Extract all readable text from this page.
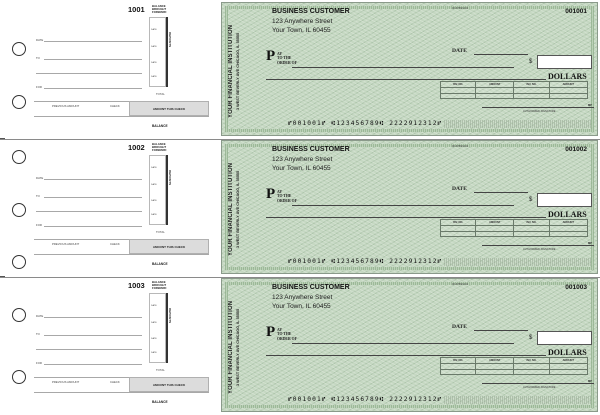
1001	BALANCE BROUGHT FORWARD
DATE
TO
FOR
DATE
DATE
DATE
DATE
DEPOSITS
TOTAL
PREVIOUS AMOUNT	CHECK
AMOUNT THIS CHECK
BALANCE
YOUR FINANCIAL INSTITUTION 3 WEST BEVERLY AVE CHICAGO, IL 55555
BUSINESS CUSTOMER
123 Anywhere Street
Your Town, IL 60455
00-6789/1234	001001
DATE
P AY
TO THE
ORDER OF	$
DOLLARS
INV. NO.	AMOUNT	INV. NO.	AMOUNT

MP
AUTHORIZED SIGNATURE
⑈001001⑈ ⑆123456789⑆ 2222912312⑈
1002	BALANCE BROUGHT FORWARD
DATE
TO
FOR
DATE
DATE
DATE
DATE
DEPOSITS
TOTAL
PREVIOUS AMOUNT	CHECK
AMOUNT THIS CHECK
BALANCE
YOUR FINANCIAL INSTITUTION 3 WEST BEVERLY AVE CHICAGO, IL 55555
BUSINESS CUSTOMER
123 Anywhere Street
Your Town, IL 60455
00-6789/1234	001002
DATE
P AY
TO THE
ORDER OF	$
DOLLARS
INV. NO.	AMOUNT	INV. NO.	AMOUNT

MP
AUTHORIZED SIGNATURE
⑈001001⑈ ⑆123456789⑆ 2222912312⑈
1003	BALANCE BROUGHT FORWARD
DATE
TO
FOR
DATE
DATE
DATE
DATE
DEPOSITS
TOTAL
PREVIOUS AMOUNT	CHECK
AMOUNT THIS CHECK
BALANCE
YOUR FINANCIAL INSTITUTION 3 WEST BEVERLY AVE CHICAGO, IL 55555
BUSINESS CUSTOMER
123 Anywhere Street
Your Town, IL 60455
00-6789/1234	001003
DATE
P AY
TO THE
ORDER OF	$
DOLLARS
INV. NO.	AMOUNT	INV. NO.	AMOUNT

MP
AUTHORIZED SIGNATURE
⑈001001⑈ ⑆123456789⑆ 2222912312⑈
